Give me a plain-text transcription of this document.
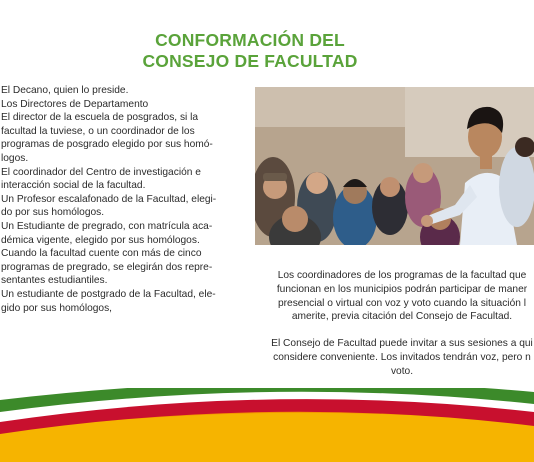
CONFORMACIÓN DEL
CONSEJO DE FACULTAD
El Decano, quien lo preside.
Los Directores de Departamento
El director de la escuela de posgrados, si la
facultad la tuviese, o un coordinador de los
programas de posgrado elegido por sus homó-
logos.
El coordinador del Centro de investigación e
interacción social de la facultad.
Un Profesor escalafonado de la Facultad, elegi-
do por sus homólogos.
Un Estudiante de pregrado, con matrícula aca-
démica vigente, elegido por sus homólogos.
Cuando la facultad cuente con más de cinco
programas de pregrado, se elegirán dos repre-
sentantes estudiantiles.
Un estudiante de postgrado de la Facultad, ele-
gido por sus homólogos,

Los coordinadores de los programas de la facultad que
funcionan en los municipios podrán participar de maner
presencial o virtual con voz y voto cuando la situación l
amerite, previa citación del Consejo de Facultad.

El Consejo de Facultad puede invitar a sus sesiones a qui
considere conveniente. Los invitados tendrán voz, pero n
voto.
